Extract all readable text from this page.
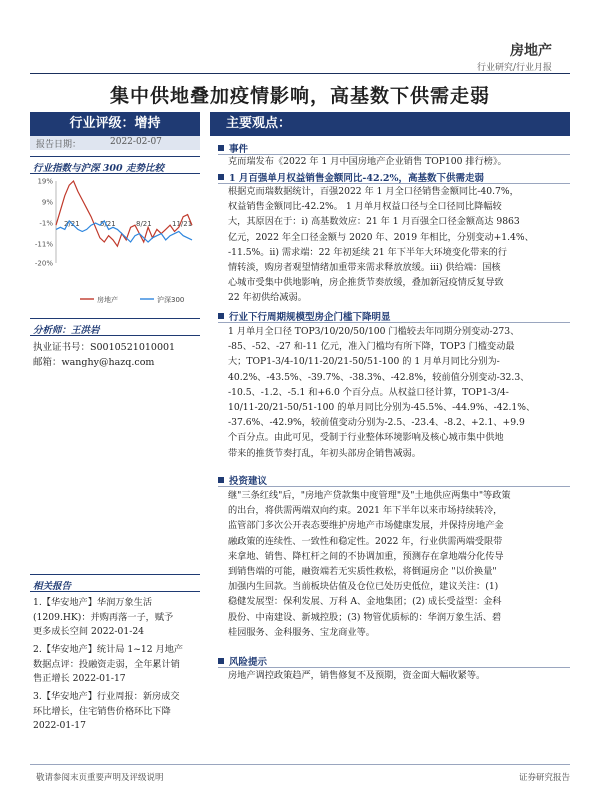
房地产
行业研究/行业月报
集中供地叠加疫情影响，高基数下供需走弱
行业评级：增持
报告日期：	2022-02-07
行业指数与沪深 300 走势比较
19%
9%
-1%
-11%
-20%
2/21	5/21	8/21	11/21
房地产	沪深300
分析师：王洪岩
执业证书号：S0010521010001
邮箱：wanghy@hazq.com
相关报告
1.【华安地产】华润万象生活
(1209.HK)：并购再落一子，赋予
更多成长空间 2022-01-24
2.【华安地产】统计局 1~12 月地产
数据点评：投融资走弱，全年累计销
售正增长 2022-01-17
3.【华安地产】行业周报：新房成交
环比增长，住宅销售价格环比下降
2022-01-17
主要观点：
事件
克而瑞发布《2022 年 1 月中国房地产企业销售 TOP100 排行榜》。
1 月百强单月权益销售金额同比-42.2%，高基数下供需走弱
根据克而瑞数据统计，百强2022 年 1 月全口径销售金额同比-40.7%，
权益销售金额同比-42.2%。 1 月单月权益口径与全口径同比降幅较
大，其原因在于：i) 高基数效应：21 年 1 月百强全口径金额高达 9863
亿元，2022 年全口径金额与 2020 年、2019 年相比，分别变动+1.4%、
-11.5%。ii) 需求端：22 年初延续 21 年下半年大环境变化带来的行
情转淡，购房者观望情绪加重带来需求释放放缓。iii) 供给端：国核
心城市受集中供地影响，房企推货节奏放缓，叠加新冠疫情反复导致
22 年初供给减弱。
行业下行周期规模型房企门槛下降明显
1 月单月全口径 TOP3/10/20/50/100 门槛较去年同期分别变动-273、
-85、-52、-27 和-11 亿元，准入门槛均有所下降，TOP3 门槛变动最
大；TOP1-3/4-10/11-20/21-50/51-100 的 1 月单月同比分别为-
40.2%、-43.5%、-39.7%、-38.3%、-42.8%，较前值分别变动-32.3、
-10.5、-1.2、-5.1 和+6.0 个百分点。从权益口径计算，TOP1-3/4-
10/11-20/21-50/51-100 的单月同比分别为-45.5%、-44.9%、-42.1%、
-37.6%、-42.9%，较前值变动分别为-2.5、-23.4、-8.2、+2.1、+9.9
个百分点。由此可见，受制于行业整体环境影响及核心城市集中供地
带来的推货节奏打乱，年初头部房企销售减弱。
投资建议
继"三条红线"后，"房地产贷款集中度管理"及"土地供应两集中"等政策
的出台，将供需两端双向约束。2021 年下半年以来市场持续转冷，
监管部门多次公开表态要维护房地产市场健康发展，并保持房地产金
融政策的连续性、一致性和稳定性。2022 年，行业供需两端受限带
来拿地、销售、降杠杆之间的不协调加重，预测存在拿地端分化传导
到销售端的可能，融资端若无实质性救松，将倒逼房企 "以价换量"
加强内生回款。当前板块估值及仓位已处历史低位，建议关注：(1)
稳健发展型：保利发展、万科 A、金地集团；(2) 成长受益型：金科
股份、中南建设、新城控股；(3) 物管优质标的：华润万象生活、碧
桂园服务、金科服务、宝龙商业等。
风险提示
房地产调控政策趋严，销售修复不及预期，资金面大幅收紧等。
敬请参阅末页重要声明及评级说明	证券研究报告
